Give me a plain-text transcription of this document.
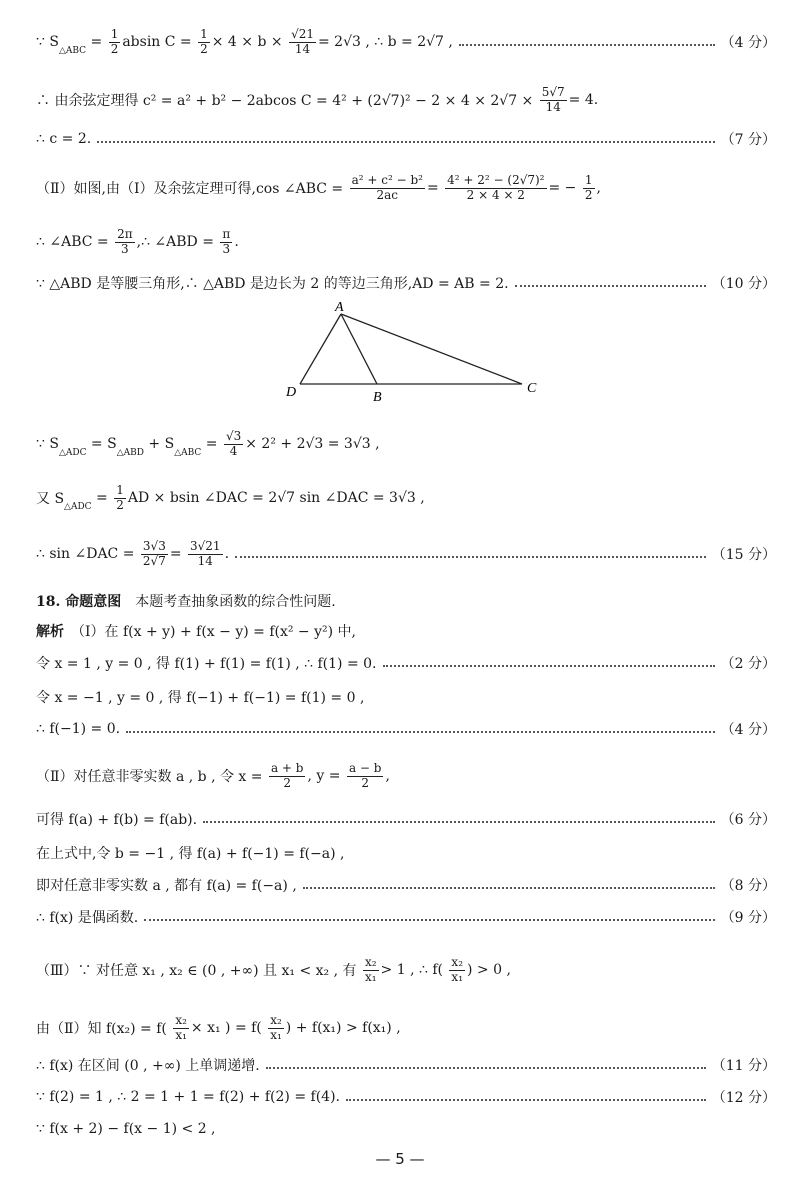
∵ S
$_{\triangle ABC}$
= $\frac{1}{2}$ absin $C = \frac{1}{2} \times 4 \times b \times \frac{√21}{14} = 2√3$ , ∴ b = 2√7 ,	（4 分）
∴ 由余弦定理得 c² = a² + b² − 2abcos $C = 4^2 + (2√7)^2 - 2 \times 4 \times 2√7 \times \frac{5√7}{14} = 4$.
∴ c = 2.	（7 分）
（Ⅱ）如图,由（Ⅰ）及余弦定理可得,cos ∠ABC = $\frac{\text{a² + c² − b²}}{2ac} = \frac{\text{4² + 2² − (2√7)²}}{2 \times 4 \times 2}$ = − $\frac{1}{2}$ ,
∴ ∠ABC = $\frac{2\pi}{3}$ ,∴ ∠ABD = $\frac{\pi}{3}$ .
∵ △ABD 是等腰三角形,∴ △ABD 是边长为 2 的等边三角形,AD = AB = 2.	（10 分）
∵ S
$_{\triangle ADC}$
= S
$_{\triangle ABD}$
+ S
$_{\triangle ABC}$
= $\frac{√3}{4} \times 2^2 + 2√3 = 3√3$ ,
又 $S_{\triangle ADC}$
= $\frac{1}{2}$ AD × bsin ∠DAC = 2√7 sin ∠DAC = 3√3 ,
∴ sin ∠DAC = $\frac{3√3}{2√7} = \frac{3√21}{14}$ .	（15 分）
18. 命题意图 　本题考查抽象函数的综合性问题.
解析 　（Ⅰ）在 f(x + y) + f(x − y) = f(x² − y²) 中,
令 x = 1 , y = 0 , 得 f(1) + f(1) = f(1) , ∴ f(1) = 0.	（2 分）
令 x = −1 , y = 0 , 得 f(−1) + f(−1) = f(1) = 0 ,
∴ f(−1) = 0.	（4 分）
（Ⅱ）对任意非零实数 a , b , 令 $x = \frac{a + b}{2}$ , $y = \frac{a - b}{2}$ ,
可得 f(a) + f(b) = f(ab).	（6 分）
在上式中,令 b = −1 , 得 f(a) + f(−1) = f(−a) ,
即对任意非零实数 a , 都有 f(a) = f(−a) ,	（8 分）
∴ f(x) 是偶函数.	（9 分）
（Ⅲ）∵ 对任意 x₁ , x₂ ∈ (0 , +∞) 且 x₁ < x₂ , 有 $\frac{\text{x₂}}{\text{x₁}} > 1$ , ∴ $f( \frac{\text{x₂}}{\text{x₁}}$ ) > 0 ,
由（Ⅱ）知 $f(x_2) = f( \frac{\text{x₂}}{\text{x₁}} \times x_1$ ) = $f( \frac{\text{x₂}}{\text{x₁}}$ ) + f(x₁) > f(x₁) ,
∴ f(x) 在区间 (0 , +∞) 上单调递增.	（11 分）
∵ f(2) = 1 , ∴ 2 = 1 + 1 = f(2) + f(2) = f(4).	（12 分）
∵ f(x + 2) − f(x − 1) < 2 ,
A
D	B
C
— 5 —
